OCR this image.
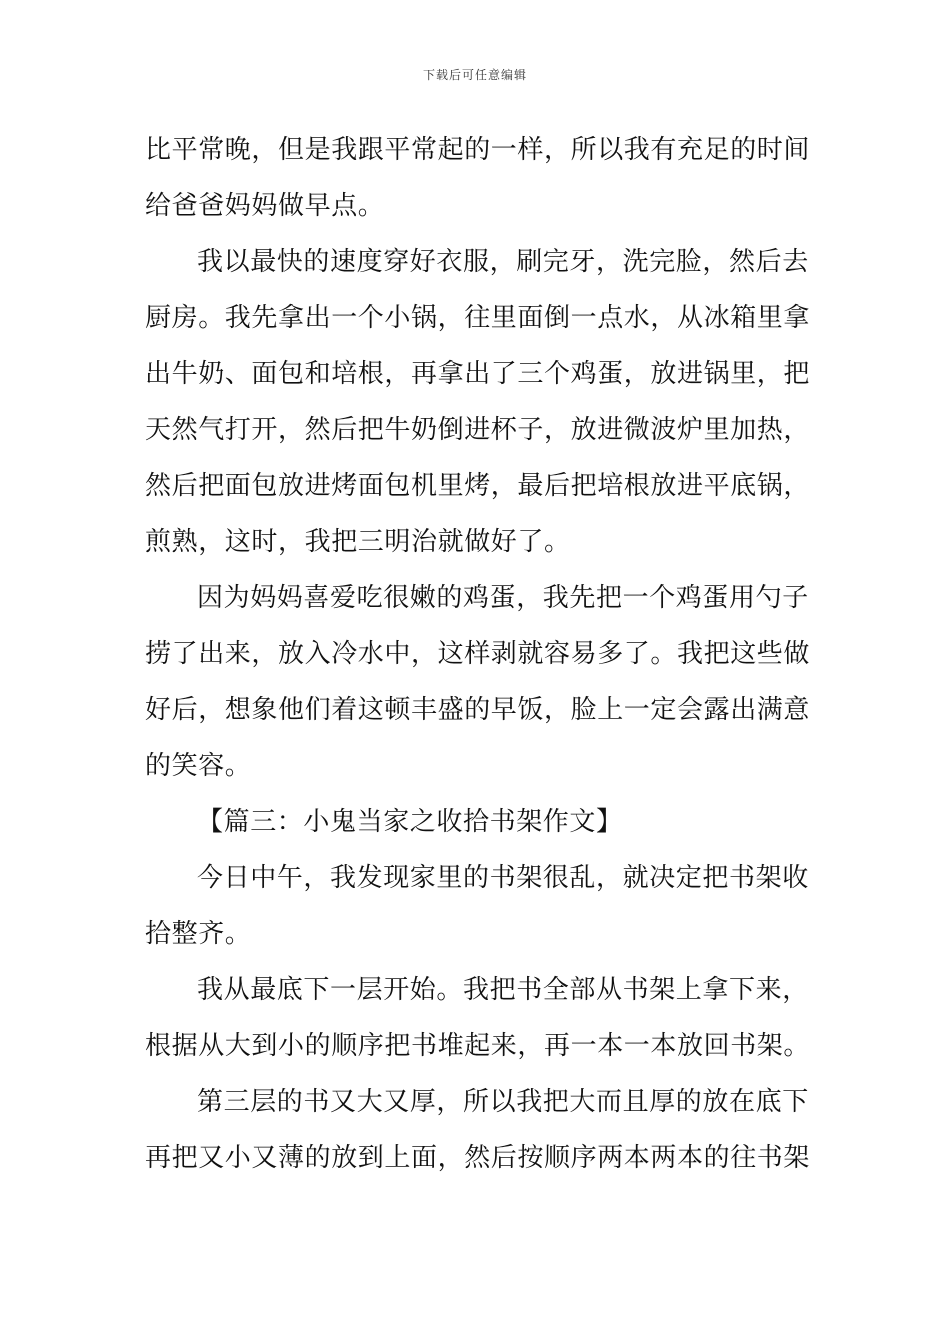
下载后可任意编辑
比平常晚，但是我跟平常起的一样，所以我有充足的时间
给爸爸妈妈做早点。
我以最快的速度穿好衣服，刷完牙，洗完脸，然后去
厨房。我先拿出一个小锅，往里面倒一点水，从冰箱里拿
出牛奶、面包和培根，再拿出了三个鸡蛋，放进锅里，把
天然气打开，然后把牛奶倒进杯子，放进微波炉里加热，
然后把面包放进烤面包机里烤，最后把培根放进平底锅，
煎熟，这时，我把三明治就做好了。
因为妈妈喜爱吃很嫩的鸡蛋，我先把一个鸡蛋用勺子
捞了出来，放入冷水中，这样剥就容易多了。我把这些做
好后，想象他们着这顿丰盛的早饭，脸上一定会露出满意
的笑容。
【篇三：小鬼当家之收拾书架作文】
今日中午，我发现家里的书架很乱，就决定把书架收
拾整齐。
我从最底下一层开始。我把书全部从书架上拿下来，
根据从大到小的顺序把书堆起来，再一本一本放回书架。
第三层的书又大又厚，所以我把大而且厚的放在底下
再把又小又薄的放到上面，然后按顺序两本两本的往书架
